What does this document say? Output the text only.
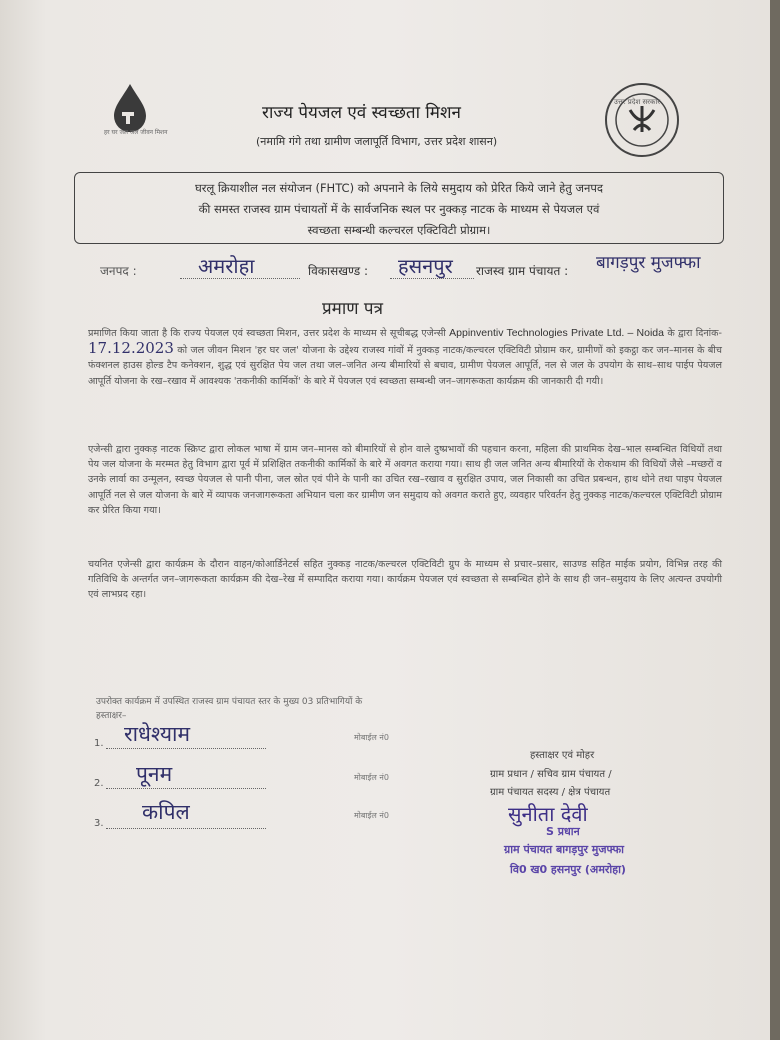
हर घर जल जल जीवन मिशन
राज्य पेयजल एवं स्वच्छता मिशन
(नमामि गंगे तथा ग्रामीण जलापूर्ति विभाग, उत्तर प्रदेश शासन)
उत्तर प्रदेश सरकार

घरलू क्रियाशील नल संयोजन (FHTC) को अपनाने के लिये समुदाय को प्रेरित किये जाने हेतु जनपद

की समस्त राजस्व ग्राम पंचायतों में के सार्वजनिक स्थल पर नुक्कड़ नाटक के माध्यम से पेयजल एवं

स्वच्छता सम्बन्धी कल्चरल एक्टिविटी प्रोग्राम।

जनपद :	अमरोहा	विकासखण्ड : हसनपुर राजस्व ग्राम पंचायत : बागड़पुर मुजफ्फा
प्रमाण पत्र
प्रमाणित किया जाता है कि राज्य पेयजल एवं स्वच्छता मिशन, उत्तर प्रदेश के माध्यम से सूचीबद्ध एजेन्सी Appinventiv Technologies Private Ltd. – Noida के द्वारा दिनांक- 17.12.2023 को जल जीवन मिशन 'हर घर जल' योजना के उद्देश्य राजस्व गांवों में नुक्कड़ नाटक/कल्चरल एक्टिविटी प्रोग्राम कर, ग्रामीणों को इकट्ठा कर जन–मानस के बीच फंक्शनल हाउस होल्ड टैप कनेक्शन, शुद्ध एवं सुरक्षित पेय जल तथा जल–जनित अन्य बीमारियों से बचाव, ग्रामीण पेयजल आपूर्ति, नल से जल के उपयोग के साथ–साथ पाईप पेयजल आपूर्ति योजना के रख–रखाव में आवश्यक 'तकनीकी कार्मिकों' के बारे में पेयजल एवं स्वच्छता सम्बन्धी जन–जागरूकता कार्यक्रम की जानकारी दी गयी।
एजेन्सी द्वारा नुक्कड़ नाटक स्क्रिप्ट द्वारा लोकल भाषा में ग्राम जन–मानस को बीमारियों से होन वाले दुष्प्रभावों की पहचान करना, महिला की प्राथमिक देख–भाल सम्बन्धित विधियों तथा पेय जल योजना के मरम्मत हेतु विभाग द्वारा पूर्व में प्रशिक्षित तकनीकी कार्मिकों के बारे में अवगत कराया गया। साथ ही जल जनित अन्य बीमारियों के रोकथाम की विधियों जैसे –मच्छरों व उनके लार्वा का उन्मूलन, स्वच्छ पेयजल से पानी पीना, जल स्रोत एवं पीने के पानी का उचित रख–रखाव व सुरक्षित उपाय, जल निकासी का उचित प्रबन्धन, हाथ धोने तथा पाइप पेयजल आपूर्ति नल से जल योजना के बारे में व्यापक जनजागरूकता अभियान चला कर ग्रामीण जन समुदाय को अवगत कराते हुए, व्यवहार परिवर्तन हेतु नुक्कड़ नाटक/कल्चरल एक्टिविटी प्रोग्राम कर प्रेरित किया गया।
चयनित एजेन्सी द्वारा कार्यक्रम के दौरान वाहन/कोआर्डिनेटर्स सहित नुक्कड़ नाटक/कल्चरल एक्टिविटी ग्रुप के माध्यम से प्रचार–प्रसार, साउण्ड सहित माईक प्रयोग, विभिन्न तरह की गतिविधि के अन्तर्गत जन–जागरूकता कार्यक्रम की देख–रेख में सम्पादित कराया गया। कार्यक्रम पेयजल एवं स्वच्छता से सम्बन्धित होने के साथ ही जन–समुदाय के लिए अत्यन्त उपयोगी एवं लाभप्रद रहा।
उपरोक्त कार्यक्रम में उपस्थित राजस्व ग्राम पंचायत स्तर के मुख्य 03 प्रतिभागियों के
हस्ताक्षर–
1. राधेश्याम	मोबाईल नं0
2. पूनम	मोबाईल नं0
3. कपिल	मोबाईल नं0
हस्ताक्षर एवं मोहर
ग्राम प्रधान / सचिव ग्राम पंचायत /
ग्राम पंचायत सदस्य / क्षेत्र पंचायत
सुनीता देवी
S प्रधान
ग्राम पंचायत बागड़पुर मुजफ्फा
वि0 ख0 हसनपुर (अमरोहा)
